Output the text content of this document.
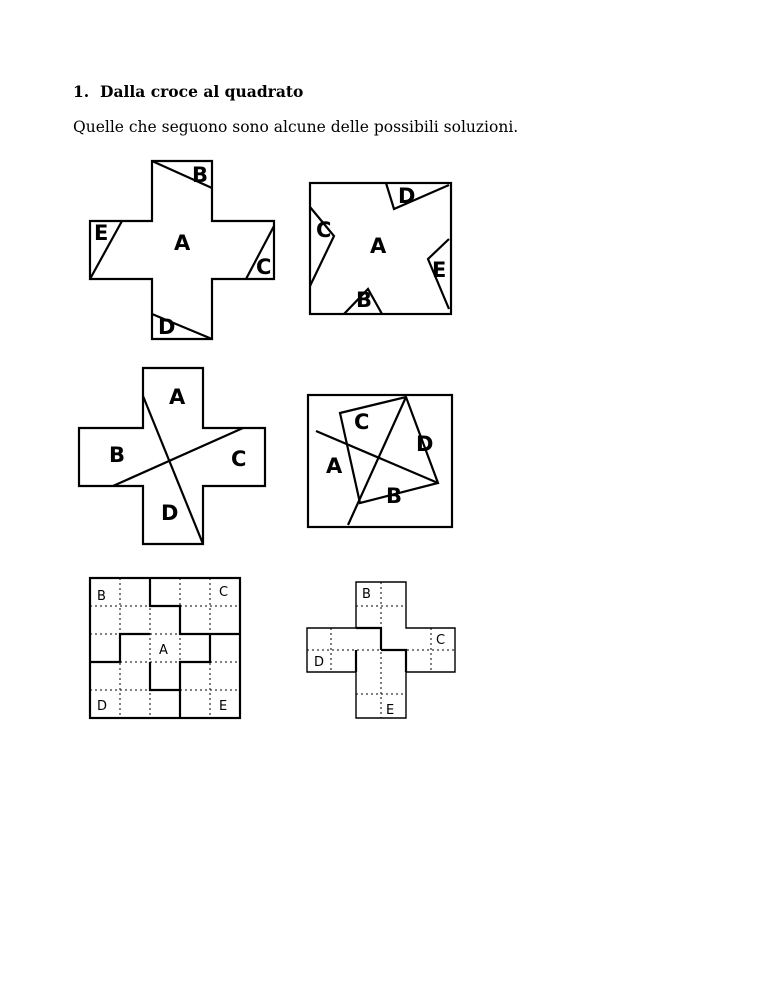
1. Dalla croce al quadrato
Quelle che seguono sono alcune delle possibili soluzioni.
A
B
E
C
D
A
D
C
E
B
A
B	C
D
C
D
A
B
B	C
A
D	E
B
C
D
E
